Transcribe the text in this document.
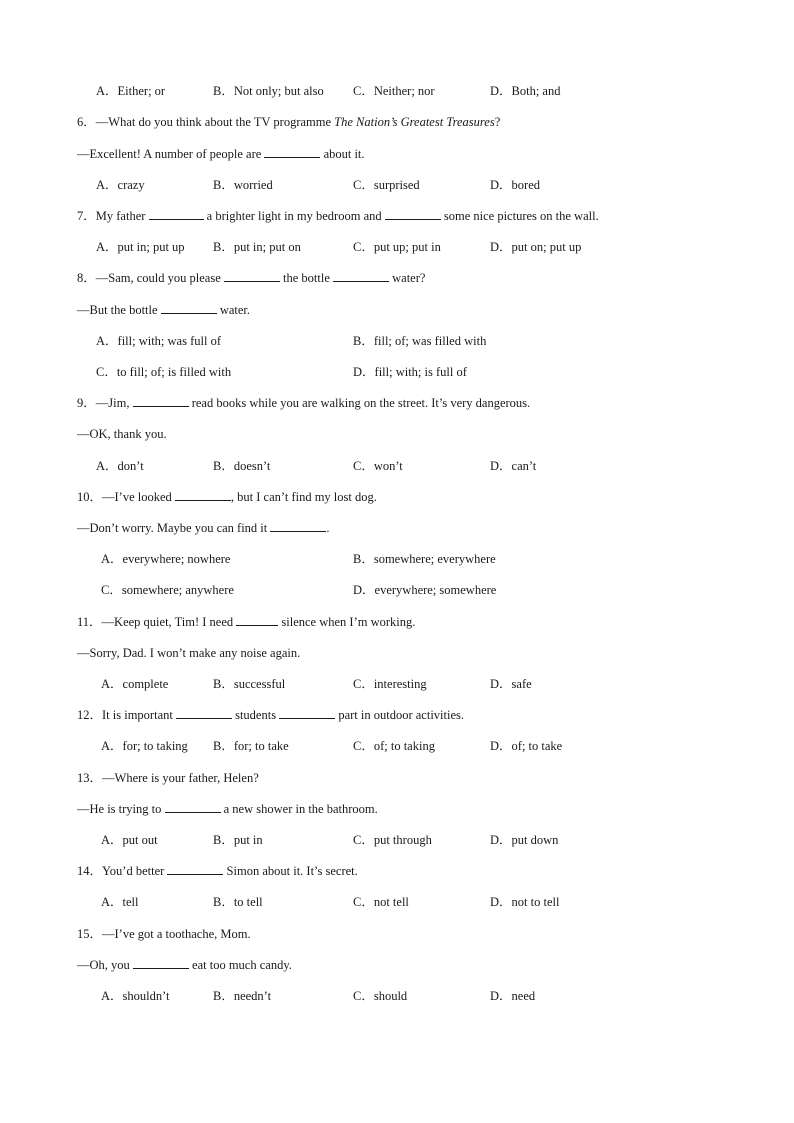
A．Either; or	B．Not only; but also C．Neither; nor	D．Both; and
6．—What do you think about the TV programme The Nation’s Greatest Treasures?
—Excellent! A number of people are	about it.
A．crazy	B．worried	C．surprised	D．bored
7．My father	a brighter light in my bedroom and	some nice pictures on the wall.
A．put in; put up B．put in; put on	C．put up; put in	D．put on; put up
8．—Sam, could you please	the bottle	water?
—But the bottle	water.
A．fill; with; was full of	B．fill; of; was filled with
C．to fill; of; is filled with	D．fill; with; is full of
9．—Jim,	read books while you are walking on the street. It’s very dangerous.
—OK, thank you.
A．don’t	B．doesn’t	C．won’t	D．can’t
10．—I’ve looked	, but I can’t find my lost dog.
—Don’t worry. Maybe you can find it	.
A．everywhere; nowhere	B．somewhere; everywhere
C．somewhere; anywhere	D．everywhere; somewhere
11．—Keep quiet, Tim! I need	silence when I’m working.
—Sorry, Dad. I won’t make any noise again.
A．complete	B．successful	C．interesting	D．safe
12．It is important	students	part in outdoor activities.
A．for; to taking B．for; to take	C．of; to taking	D．of; to take
13．—Where is your father, Helen?
—He is trying to	a new shower in the bathroom.
A．put out	B．put in	C．put through	D．put down
14．You’d better	Simon about it. It’s secret.
A．tell	B．to tell	C．not tell	D．not to tell
15．—I’ve got a toothache, Mom.
—Oh, you	eat too much candy.
A．shouldn’t	B．needn’t	C．should	D．need
